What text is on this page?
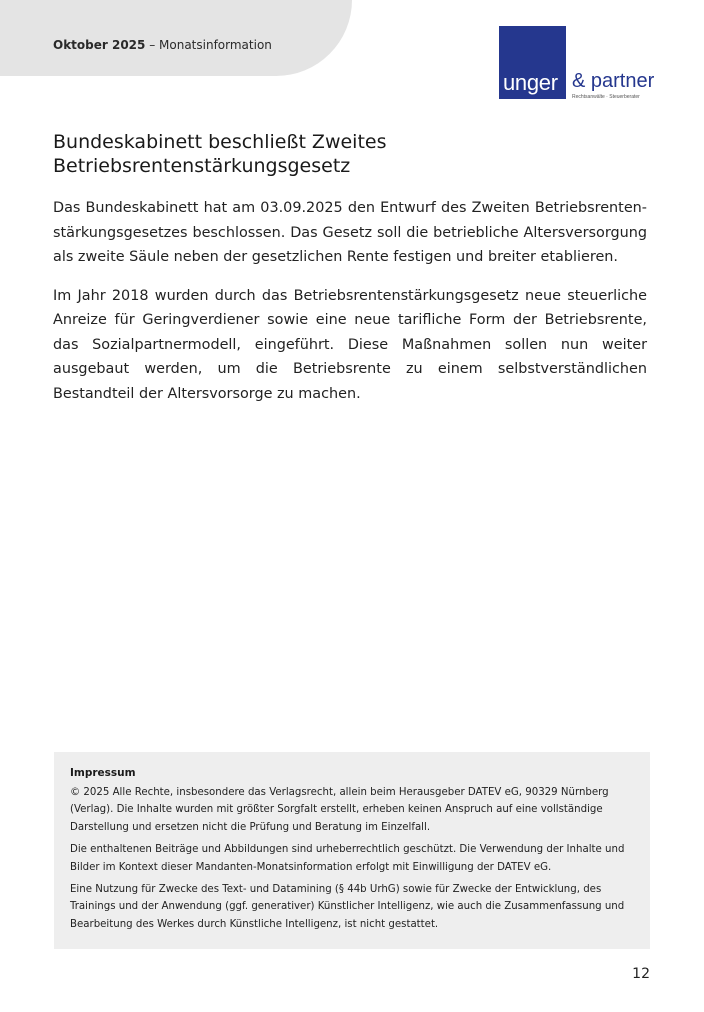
Oktober 2025 – Monatsinformation
unger & partner
Rechtsanwälte · Steuerberater
Bundeskabinett beschließt Zweites
Betriebsrentenstärkungsgesetz

Das Bundeskabinett hat am 03.09.2025 den Entwurf des Zweiten Betriebsrentenstärkungsgesetzes beschlossen. Das Gesetz soll die betriebliche Altersversorgung als zweite Säule neben der gesetzlichen Rente festigen und breiter etablieren.

Im Jahr 2018 wurden durch das Betriebsrentenstärkungsgesetz neue steuerliche Anreize für Geringverdiener sowie eine neue tarifliche Form der Betriebsrente, das Sozialpartnermodell, eingeführt. Diese Maßnahmen sollen nun weiter ausgebaut werden, um die Betriebsrente zu einem selbstverständlichen Bestandteil der Altersvorsorge zu machen.

Impressum

© 2025 Alle Rechte, insbesondere das Verlagsrecht, allein beim Herausgeber DATEV eG, 90329 Nürnberg (Verlag). Die Inhalte wurden mit größter Sorgfalt erstellt, erheben keinen Anspruch auf eine vollständige Darstellung und ersetzen nicht die Prüfung und Beratung im Einzelfall.

Die enthaltenen Beiträge und Abbildungen sind urheberrechtlich geschützt. Die Verwendung der Inhalte und Bilder im Kontext dieser Mandanten-Monatsinformation erfolgt mit Einwilligung der DATEV eG.

Eine Nutzung für Zwecke des Text- und Datamining (§ 44b UrhG) sowie für Zwecke der Entwicklung, des Trainings und der Anwendung (ggf. generativer) Künstlicher Intelligenz, wie auch die Zusammenfassung und Bearbeitung des Werkes durch Künstliche Intelligenz, ist nicht gestattet.

12
